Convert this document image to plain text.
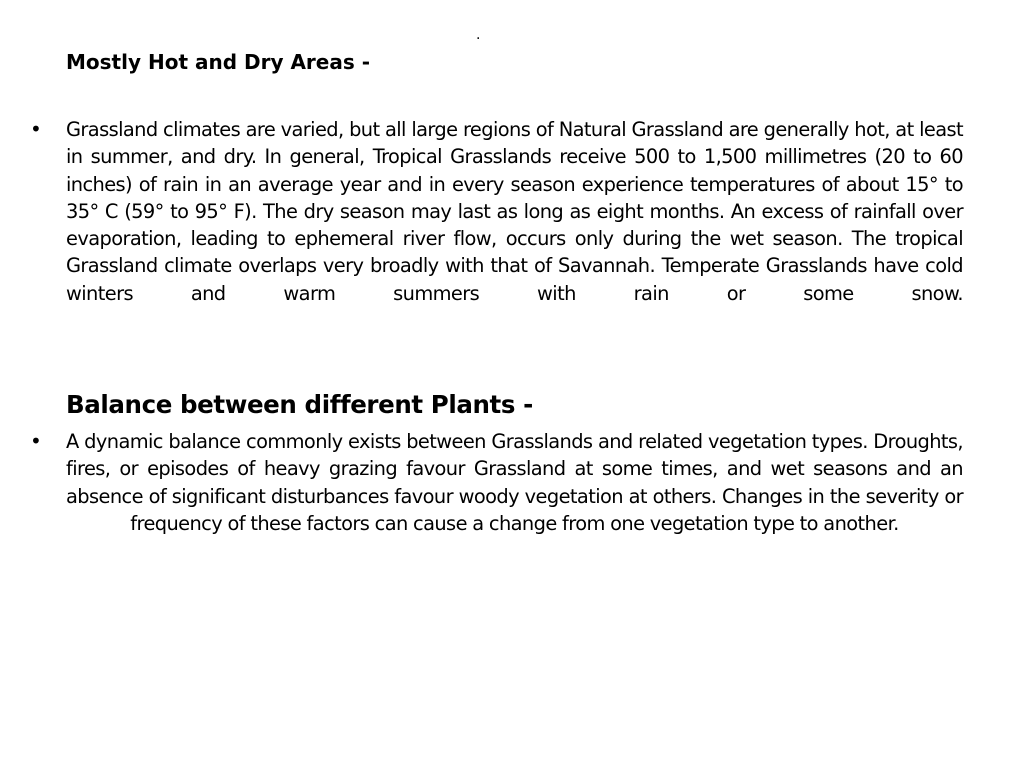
.
Mostly Hot and Dry Areas -
• Grassland climates are varied, but all large regions of Natural Grassland are generally hot, at least in summer, and dry. In general, Tropical Grasslands receive 500 to 1,500 millimetres (20 to 60 inches) of rain in an average year and in every season experience temperatures of about 15° to 35° C (59° to 95° F). The dry season may last as long as eight months. An excess of rainfall over evaporation, leading to ephemeral river flow, occurs only during the wet season. The tropical Grassland climate overlaps very broadly with that of Savannah. Temperate Grasslands have cold winters and warm summers with rain or some snow.
Balance between different Plants -
• A dynamic balance commonly exists between Grasslands and related vegetation types. Droughts, fires, or episodes of heavy grazing favour Grassland at some times, and wet seasons and an absence of significant disturbances favour woody vegetation at others. Changes in the severity or frequency of these factors can cause a change from one vegetation type to another.
